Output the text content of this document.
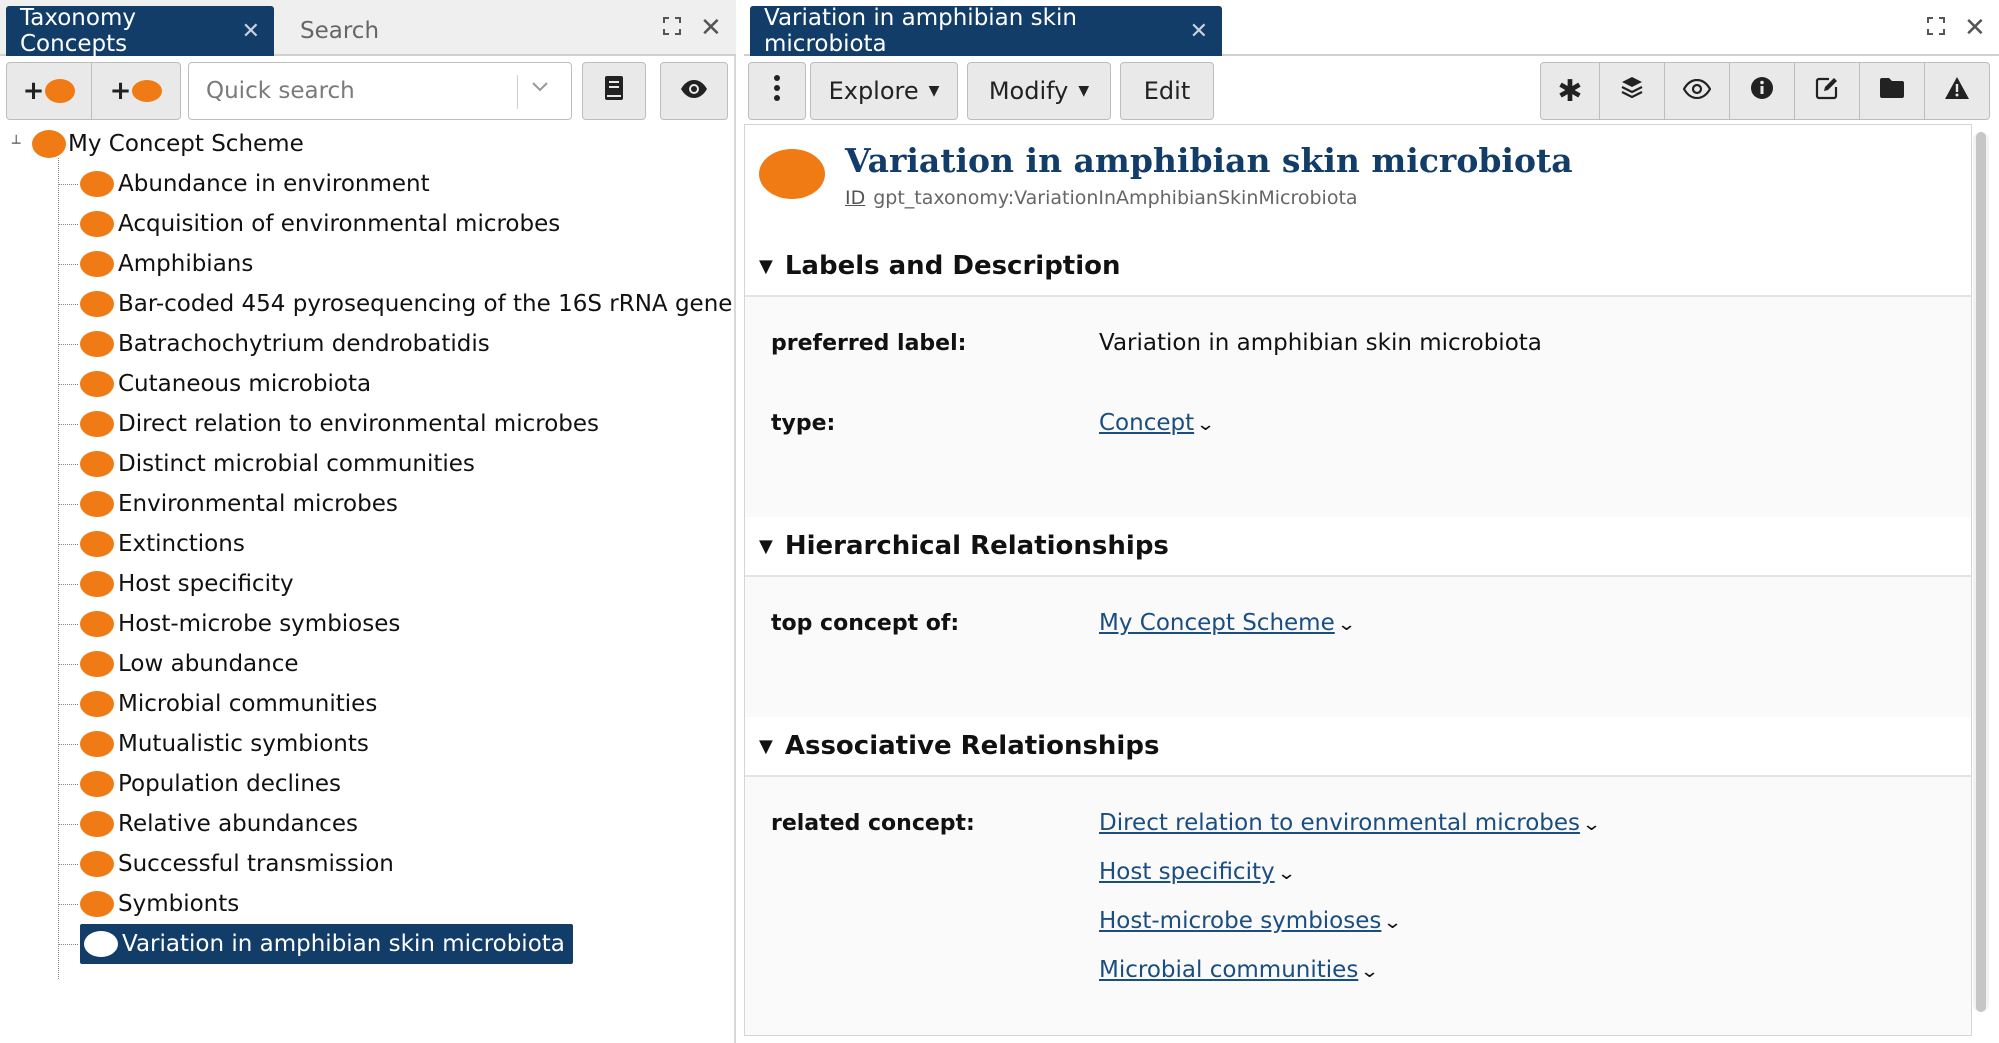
Taxonomy Concepts	✕ Search	✕
+	+
Quick search
┴ My Concept Scheme
Abundance in environment
Acquisition of environmental microbes
Amphibians
Bar-coded 454 pyrosequencing of the 16S rRNA gene
Batrachochytrium dendrobatidis
Cutaneous microbiota
Direct relation to environmental microbes
Distinct microbial communities
Environmental microbes
Extinctions
Host specificity
Host-microbe symbioses
Low abundance
Microbial communities
Mutualistic symbionts
Population declines
Relative abundances
Successful transmission
Symbionts
Variation in amphibian skin microbiota
Variation in amphibian skin microbiota	✕	✕
Explore ▼ Modify ▼ Edit	✱
Variation in amphibian skin microbiota
ID gpt_taxonomy:VariationInAmphibianSkinMicrobiota
▼ Labels and Description
preferred label:	Variation in amphibian skin microbiota
type:	Concept⌄
▼ Hierarchical Relationships
top concept of:	My Concept Scheme⌄
▼ Associative Relationships
related concept:	Direct relation to environmental microbes⌄
Host specificity⌄
Host-microbe symbioses⌄
Microbial communities⌄
